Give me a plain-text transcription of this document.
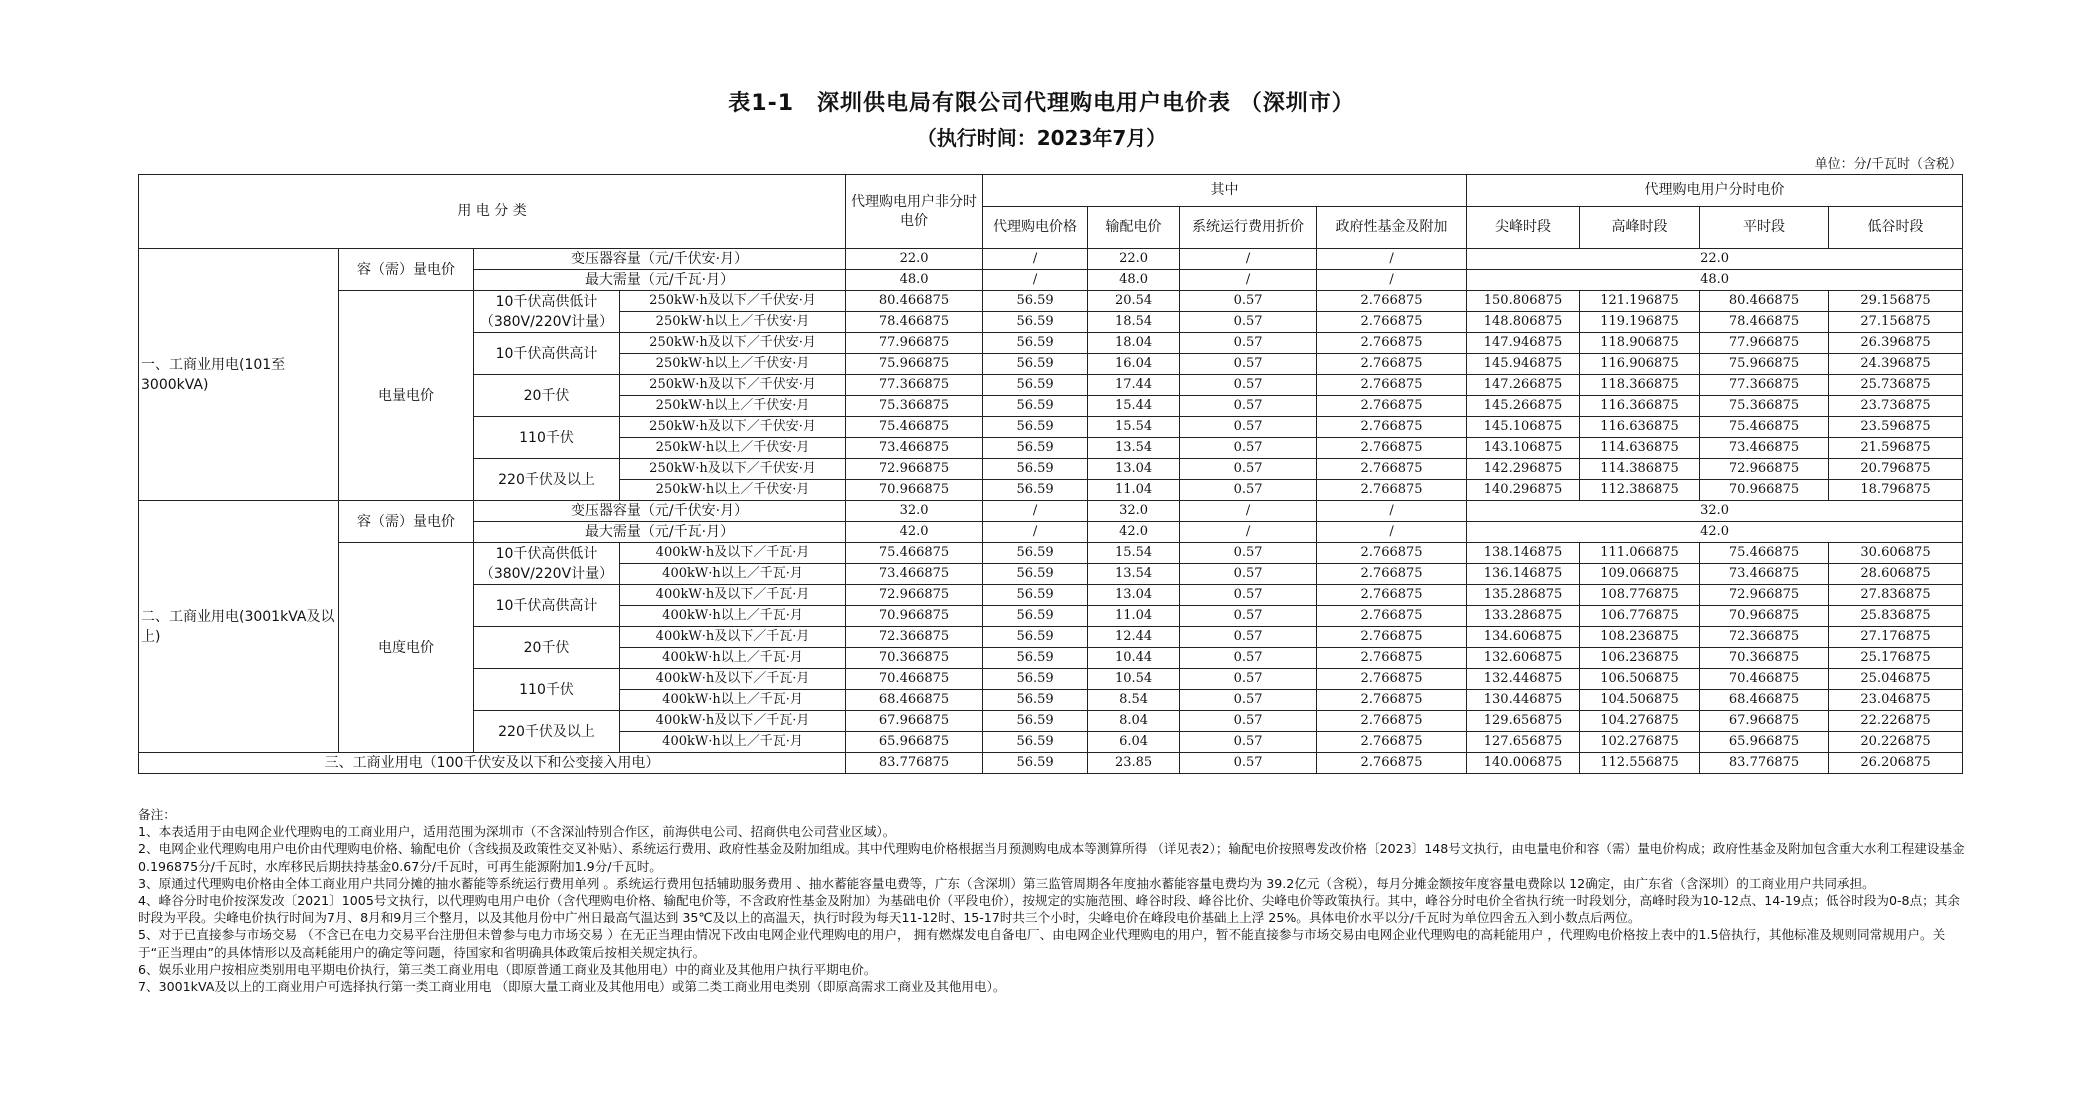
表1-1　深圳供电局有限公司代理购电用户电价表 （深圳市）
（执行时间：2023年7月）
单位：分/千瓦时（含税）
用 电 分 类				代理购电用户非分时电价	其中				代理购电用户分时电价			
					代理购电价格	输配电价	系统运行费用折价	政府性基金及附加	尖峰时段	高峰时段	平时段	低谷时段
一、工商业用电(101至3000kVA)	容（需）量电价	变压器容量（元/千伏安·月）		22.0	/	22.0	/	/	22.0			
		最大需量（元/千瓦·月）		48.0	/	48.0	/	/	48.0			
	电量电价	10千伏高供低计（380V/220V计量）	250kW·h及以下／千伏安·月	80.466875	56.59	20.54	0.57	2.766875	150.806875	121.196875	80.466875	29.156875
			250kW·h以上／千伏安·月	78.466875	56.59	18.54	0.57	2.766875	148.806875	119.196875	78.466875	27.156875
		10千伏高供高计	250kW·h及以下／千伏安·月	77.966875	56.59	18.04	0.57	2.766875	147.946875	118.906875	77.966875	26.396875
			250kW·h以上／千伏安·月	75.966875	56.59	16.04	0.57	2.766875	145.946875	116.906875	75.966875	24.396875
		20千伏	250kW·h及以下／千伏安·月	77.366875	56.59	17.44	0.57	2.766875	147.266875	118.366875	77.366875	25.736875
			250kW·h以上／千伏安·月	75.366875	56.59	15.44	0.57	2.766875	145.266875	116.366875	75.366875	23.736875
		110千伏	250kW·h及以下／千伏安·月	75.466875	56.59	15.54	0.57	2.766875	145.106875	116.636875	75.466875	23.596875
			250kW·h以上／千伏安·月	73.466875	56.59	13.54	0.57	2.766875	143.106875	114.636875	73.466875	21.596875
		220千伏及以上	250kW·h及以下／千伏安·月	72.966875	56.59	13.04	0.57	2.766875	142.296875	114.386875	72.966875	20.796875
			250kW·h以上／千伏安·月	70.966875	56.59	11.04	0.57	2.766875	140.296875	112.386875	70.966875	18.796875
二、工商业用电(3001kVA及以上)	容（需）量电价	变压器容量（元/千伏安·月）		32.0	/	32.0	/	/	32.0			
		最大需量（元/千瓦·月）		42.0	/	42.0	/	/	42.0			
	电度电价	10千伏高供低计（380V/220V计量）	400kW·h及以下／千瓦·月	75.466875	56.59	15.54	0.57	2.766875	138.146875	111.066875	75.466875	30.606875
			400kW·h以上／千瓦·月	73.466875	56.59	13.54	0.57	2.766875	136.146875	109.066875	73.466875	28.606875
		10千伏高供高计	400kW·h及以下／千瓦·月	72.966875	56.59	13.04	0.57	2.766875	135.286875	108.776875	72.966875	27.836875
			400kW·h以上／千瓦·月	70.966875	56.59	11.04	0.57	2.766875	133.286875	106.776875	70.966875	25.836875
		20千伏	400kW·h及以下／千瓦·月	72.366875	56.59	12.44	0.57	2.766875	134.606875	108.236875	72.366875	27.176875
			400kW·h以上／千瓦·月	70.366875	56.59	10.44	0.57	2.766875	132.606875	106.236875	70.366875	25.176875
		110千伏	400kW·h及以下／千瓦·月	70.466875	56.59	10.54	0.57	2.766875	132.446875	106.506875	70.466875	25.046875
			400kW·h以上／千瓦·月	68.466875	56.59	8.54	0.57	2.766875	130.446875	104.506875	68.466875	23.046875
		220千伏及以上	400kW·h及以下／千瓦·月	67.966875	56.59	8.04	0.57	2.766875	129.656875	104.276875	67.966875	22.226875
			400kW·h以上／千瓦·月	65.966875	56.59	6.04	0.57	2.766875	127.656875	102.276875	65.966875	20.226875
三、工商业用电（100千伏安及以下和公变接入用电）				83.776875	56.59	23.85	0.57	2.766875	140.006875	112.556875	83.776875	26.206875
备注：
1、本表适用于由电网企业代理购电的工商业用户，适用范围为深圳市（不含深汕特别合作区，前海供电公司、招商供电公司营业区域）。
2、电网企业代理购电用户电价由代理购电价格、输配电价（含线损及政策性交叉补贴）、系统运行费用、政府性基金及附加组成。其中代理购电价格根据当月预测购电成本等测算所得 （详见表2）；输配电价按照粤发改价格〔2023〕148号文执行，由电量电价和容（需）量电价构成；政府性基金及附加包含重大水利工程建设基金 0.196875分/千瓦时，水库移民后期扶持基金0.67分/千瓦时，可再生能源附加1.9分/千瓦时。
3、原通过代理购电价格由全体工商业用户共同分摊的抽水蓄能等系统运行费用单列 。系统运行费用包括辅助服务费用 、抽水蓄能容量电费等，广东（含深圳）第三监管周期各年度抽水蓄能容量电费均为 39.2亿元（含税），每月分摊金额按年度容量电费除以 12确定，由广东省（含深圳）的工商业用户共同承担。
4、峰谷分时电价按深发改〔2021〕1005号文执行，以代理购电用户电价（含代理购电价格、输配电价等，不含政府性基金及附加）为基础电价（平段电价），按规定的实施范围、峰谷时段、峰谷比价、尖峰电价等政策执行。其中，峰谷分时电价全省执行统一时段划分，高峰时段为10-12点、14-19点；低谷时段为0-8点；其余时段为平段。尖峰电价执行时间为7月、8月和9月三个整月，以及其他月份中广州日最高气温达到 35℃及以上的高温天，执行时段为每天11-12时、15-17时共三个小时，尖峰电价在峰段电价基础上上浮 25%。具体电价水平以分/千瓦时为单位四舍五入到小数点后两位。
5、对于已直接参与市场交易 （不含已在电力交易平台注册但未曾参与电力市场交易 ）在无正当理由情况下改由电网企业代理购电的用户， 拥有燃煤发电自备电厂、由电网企业代理购电的用户，暂不能直接参与市场交易由电网企业代理购电的高耗能用户 ，代理购电价格按上表中的1.5倍执行，其他标准及规则同常规用户。关于“正当理由”的具体情形以及高耗能用户的确定等问题，待国家和省明确具体政策后按相关规定执行。
6、娱乐业用户按相应类别用电平期电价执行，第三类工商业用电（即原普通工商业及其他用电）中的商业及其他用户执行平期电价。
7、3001kVA及以上的工商业用户可选择执行第一类工商业用电 （即原大量工商业及其他用电）或第二类工商业用电类别（即原高需求工商业及其他用电）。
